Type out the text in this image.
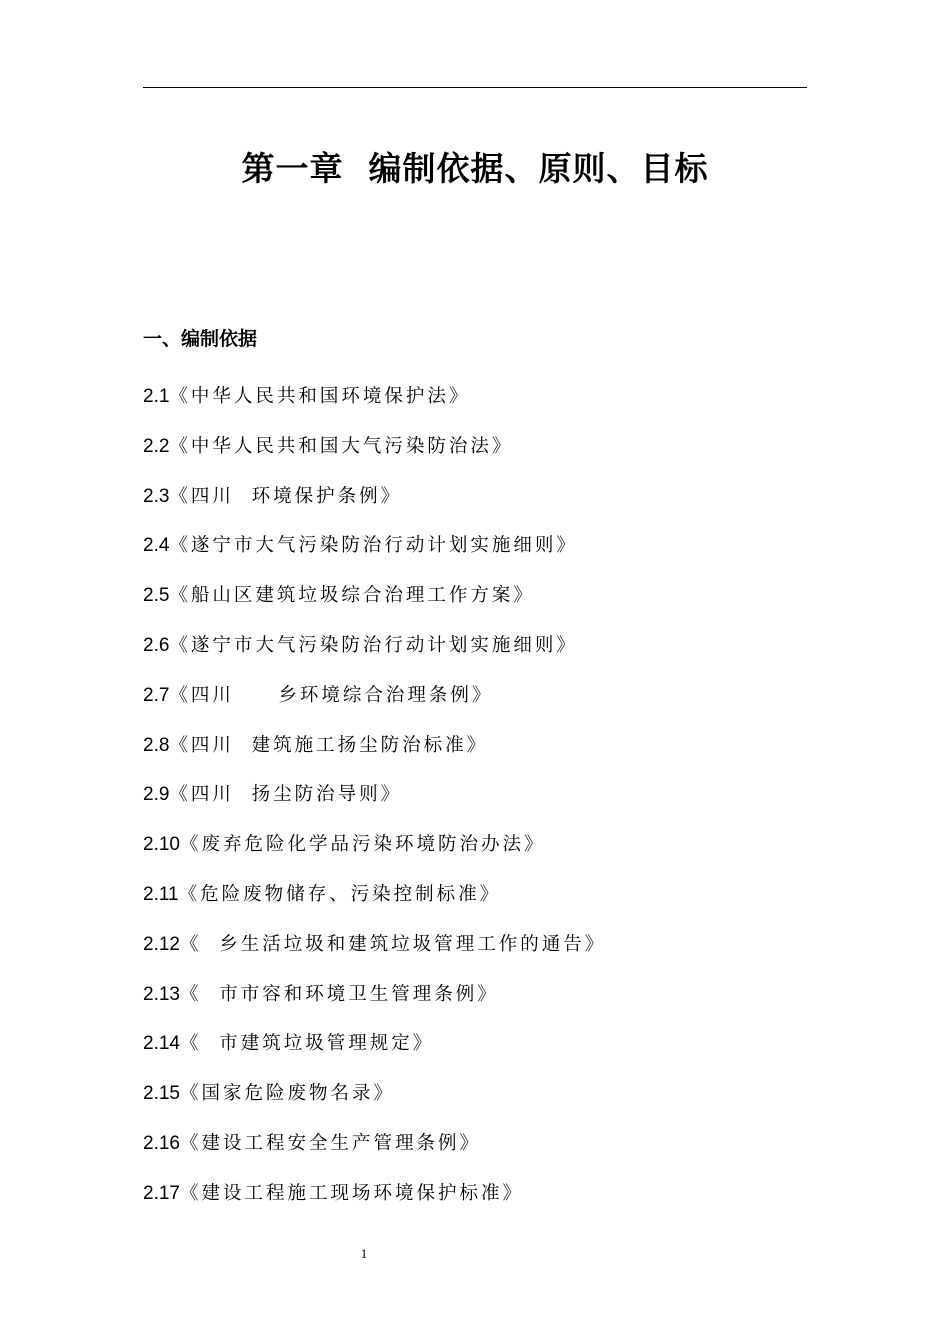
第一章  编制依据、原则、目标
一、编制依据
2.1《中华人民共和国环境保护法》
2.2《中华人民共和国大气污染防治法》
2.3《四川  环境保护条例》
2.4《遂宁市大气污染防治行动计划实施细则》
2.5《船山区建筑垃圾综合治理工作方案》
2.6《遂宁市大气污染防治行动计划实施细则》
2.7《四川     乡环境综合治理条例》
2.8《四川  建筑施工扬尘防治标准》
2.9《四川  扬尘防治导则》
2.10《废弃危险化学品污染环境防治办法》
2.11《危险废物储存、污染控制标准》
2.12《  乡生活垃圾和建筑垃圾管理工作的通告》
2.13《  市市容和环境卫生管理条例》
2.14《  市建筑垃圾管理规定》
2.15《国家危险废物名录》
2.16《建设工程安全生产管理条例》
2.17《建设工程施工现场环境保护标准》
1
